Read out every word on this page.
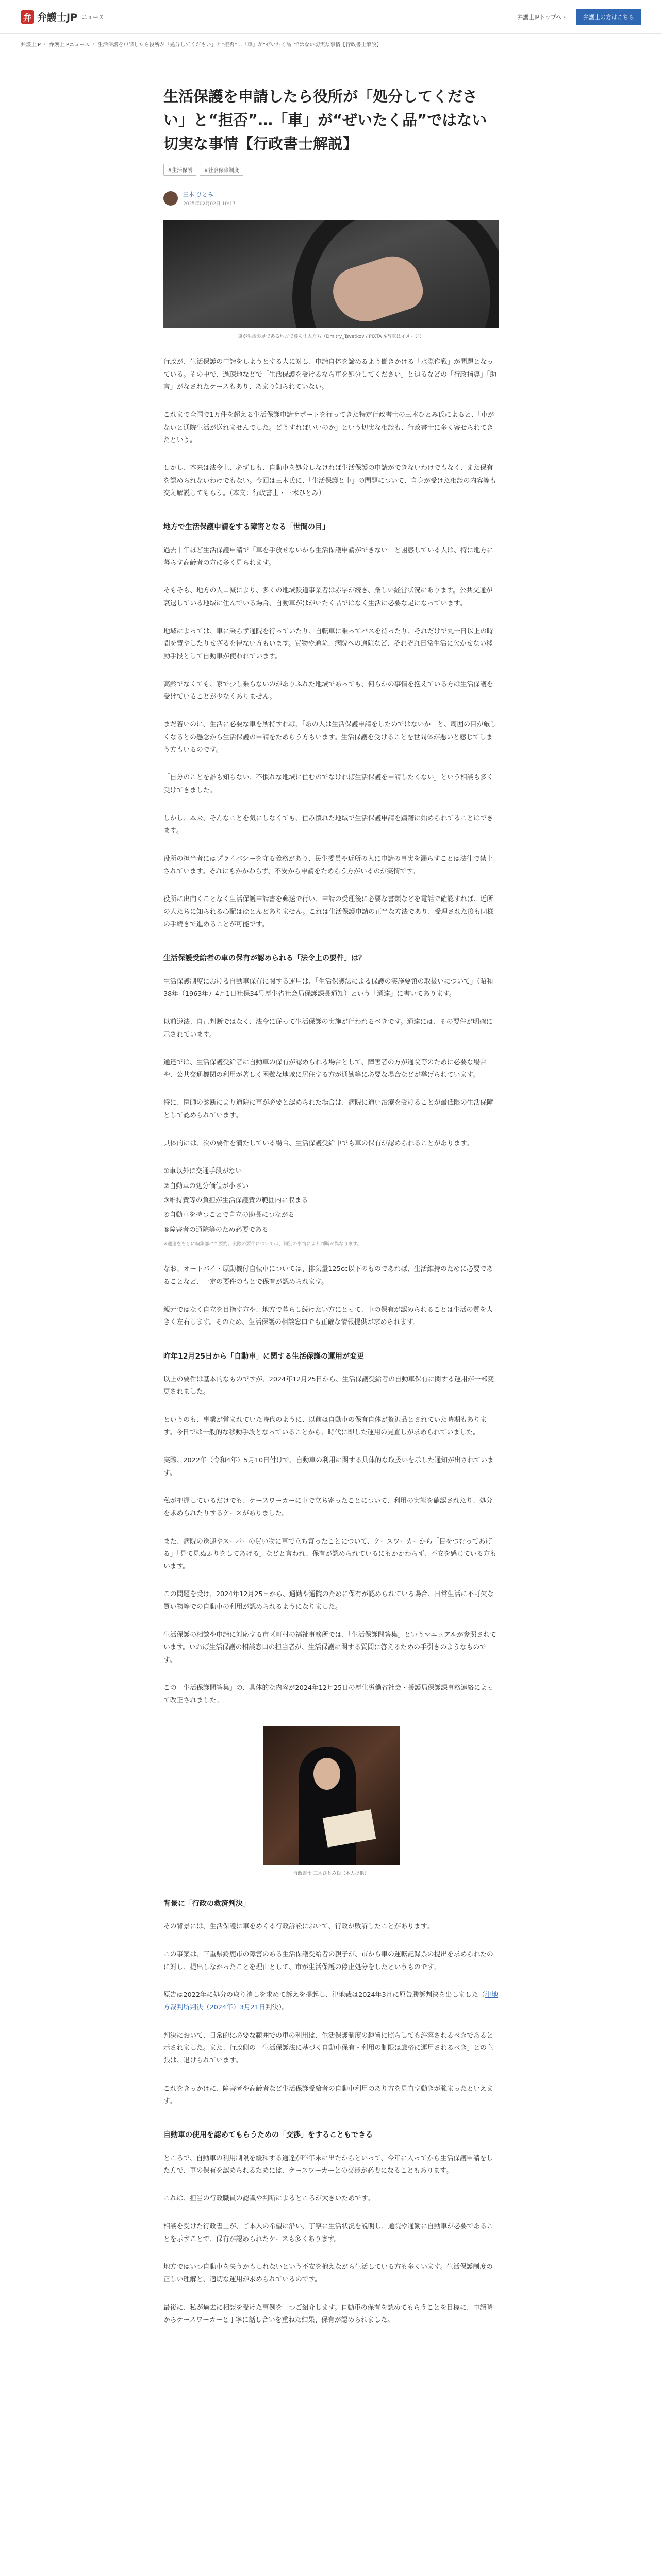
弁 弁護士JP ニュース	弁護士JPトップへ ›	弁護士の方はこちら
弁護士JP › 弁護士JPニュース › 生活保護を申請したら役所が「処分してください」と“拒否”…「車」が“ぜいたく品”ではない切実な事情【行政書士解説】
生活保護を申請したら役所が「処分してください」と“拒否”…「車」が“ぜいたく品”ではない切実な事情【行政書士解説】
#生活保護	#社会保障制度
三木 ひとみ
2025年02月02日 10:17
車が生活の足である地方で暮らす人たち（Dmitry_Tsvetkov / PIXTA ※写真はイメージ）

行政が、生活保護の申請をしようとする人に対し、申請自体を諦めるよう働きかける「水際作戦」が問題となっている。その中で、過疎地などで「生活保護を受けるなら車を処分してください」と迫るなどの「行政指導」「助言」がなされたケースもあり、あまり知られていない。

これまで全国で1万件を超える生活保護申請サポートを行ってきた特定行政書士の三木ひとみ氏によると、「車がないと通院生活が送れませんでした。どうすればいいのか」という切実な相談も、行政書士に多く寄せられてきたという。

しかし、本来は法令上、必ずしも、自動車を処分しなければ生活保護の申請ができないわけでもなく、また保有を認められないわけでもない。今回は三木氏に、「生活保護と車」の問題について、自身が受けた相談の内容等も交え解説してもらう。（本文：行政書士・三木ひとみ）

地方で生活保護申請をする障害となる「世間の目」

過去十年ほど生活保護申請で「車を手放せないから生活保護申請ができない」と困惑している人は、特に地方に暮らす高齢者の方に多く見られます。

そもそも、地方の人口減により、多くの地域鉄道事業者は赤字が続き、厳しい経営状況にあります。公共交通が衰退している地域に住んでいる場合、自動車がはがいたく品ではなく生活に必要な足になっています。

地域によっては、車に乗らず通院を行っていたり、自転車に乗ってバスを待ったり、それだけで丸一日以上の時間を費やしたりせざるを得ない方もいます。買物や通院、病院への通院など、それぞれ日常生活に欠かせない移動手段として自動車が使われています。

高齢でなくても、家で少し乗らないのがありふれた地域であっても、何らかの事情を抱えている方は生活保護を受けていることが少なくありません。

まだ若いのに、生活に必要な車を所持すれば、「あの人は生活保護申請をしたのではないか」と、周囲の目が厳しくなるとの懸念から生活保護の申請をためらう方もいます。生活保護を受けることを世間体が悪いと感じてしまう方もいるのです。

「自分のことを誰も知らない、不慣れな地域に住むのでなければ生活保護を申請したくない」という相談も多く受けてきました。

しかし、本来、そんなことを気にしなくても、住み慣れた地域で生活保護申請を躊躇に始められてることはできます。

役所の担当者にはプライバシーを守る義務があり、民生委員や近所の人に申請の事実を漏らすことは法律で禁止されています。それにもかかわらず、不安から申請をためらう方がいるのが実情です。

役所に出向くことなく生活保護申請書を郵送で行い、申請の受理後に必要な書類などを電話で確認すれば、近所の人たちに知られる心配はほとんどありません。これは生活保護申請の正当な方法であり、受理された後も同様の手続きで進めることが可能です。

生活保護受給者の車の保有が認められる「法令上の要件」は？

生活保護制度における自動車保有に関する運用は、「生活保護法による保護の実施要領の取扱いについて」（昭和38年（1963年）4月1日社保34号厚生省社会局保護課長通知）という「通達」に書いてあります。

以前遵法、自己判断ではなく、法令に従って生活保護の実施が行われるべきです。通達には、その要件が明確に示されています。

通達では、生活保護受給者に自動車の保有が認められる場合として、障害者の方が通院等のために必要な場合や、公共交通機関の利用が著しく困難な地域に居住する方が通勤等に必要な場合などが挙げられています。

特に、医師の診断により通院に車が必要と認められた場合は、病院に通い治療を受けることが最低限の生活保障として認められています。

具体的には、次の要件を満たしている場合、生活保護受給中でも車の保有が認められることがあります。

①車以外に交通手段がない

②自動車の処分価値が小さい

③維持費等の負担が生活保護費の範囲内に収まる

④自動車を持つことで自立の助長につながる

⑤障害者の通院等のため必要である

※通達をもとに編集部にて要約。実際の要件については、個別の事情により判断が異なります。

なお、オートバイ・原動機付自転車については、排気量125cc以下のものであれば、生活維持のために必要であることなど、一定の要件のもとで保有が認められます。

親元ではなく自立を目指す方や、地方で暮らし続けたい方にとって、車の保有が認められることは生活の質を大きく左右します。そのため、生活保護の相談窓口でも正確な情報提供が求められます。

昨年12月25日から「自動車」に関する生活保護の運用が変更

以上の要件は基本的なものですが、2024年12月25日から、生活保護受給者の自動車保有に関する運用が一部変更されました。

というのも、事業が営まれていた時代のように、以前は自動車の保有自体が贅沢品とされていた時期もあります。今日では一般的な移動手段となっていることから、時代に即した運用の見直しが求められていました。

実際、2022年（令和4年）5月10日付けで、自動車の利用に関する具体的な取扱いを示した通知が出されています。

私が把握しているだけでも、ケースワーカーに車で立ち寄ったことについて、利用の実態を確認されたり、処分を求められたりするケースがありました。

また、病院の送迎やスーパーの買い物に車で立ち寄ったことについて、ケースワーカーから「目をつむってあげる」「見て見ぬふりをしてあげる」などと言われ、保有が認められているにもかかわらず、不安を感じている方もいます。

この問題を受け、2024年12月25日から、通勤や通院のために保有が認められている場合、日常生活に不可欠な買い物等での自動車の利用が認められるようになりました。

生活保護の相談や申請に対応する市区町村の福祉事務所では、「生活保護問答集」というマニュアルが参照されています。いわば生活保護の相談窓口の担当者が、生活保護に関する質問に答えるための手引きのようなものです。

この「生活保護問答集」の、具体的な内容が2024年12月25日の厚生労働省社会・援護局保護課事務連絡によって改正されました。

行政書士 三木ひとみ氏（本人提供）
背景に「行政の救済判決」

その背景には、生活保護に車をめぐる行政訴訟において、行政が敗訴したことがあります。

この事案は、三重県鈴鹿市の障害のある生活保護受給者の親子が、市から車の運転記録票の提出を求められたのに対し、提出しなかったことを理由として、市が生活保護の停止処分をしたというものです。

原告は2022年に処分の取り消しを求めて訴えを提起し、津地裁は2024年3月に原告勝訴判決を出しました（津地方裁判所判決（2024年）3月21日判決）。

判決において、日常的に必要な範囲での車の利用は、生活保護制度の趣旨に照らしても許容されるべきであると示されました。また、行政側の「生活保護法に基づく自動車保有・利用の制限は厳格に運用されるべき」との主張は、退けられています。

これをきっかけに、障害者や高齢者など生活保護受給者の自動車利用のあり方を見直す動きが強まったといえます。

自動車の使用を認めてもらうための「交渉」をすることもできる

ところで、自動車の利用制限を緩和する通達が昨年末に出たからといって、今年に入ってから生活保護申請をした方で、車の保有を認められるためには、ケースワーカーとの交渉が必要になることもあります。

これは、担当の行政職員の認識や判断によるところが大きいためです。

相談を受けた行政書士が、ご本人の希望に沿い、丁寧に生活状況を説明し、通院や通勤に自動車が必要であることを示すことで、保有が認められたケースも多くあります。

地方ではいつ自動車を失うかもしれないという不安を抱えながら生活している方も多くいます。生活保護制度の正しい理解と、適切な運用が求められているのです。

最後に、私が過去に相談を受けた事例を一つご紹介します。自動車の保有を認めてもらうことを目標に、申請時からケースワーカーと丁寧に話し合いを重ねた結果、保有が認められました。
